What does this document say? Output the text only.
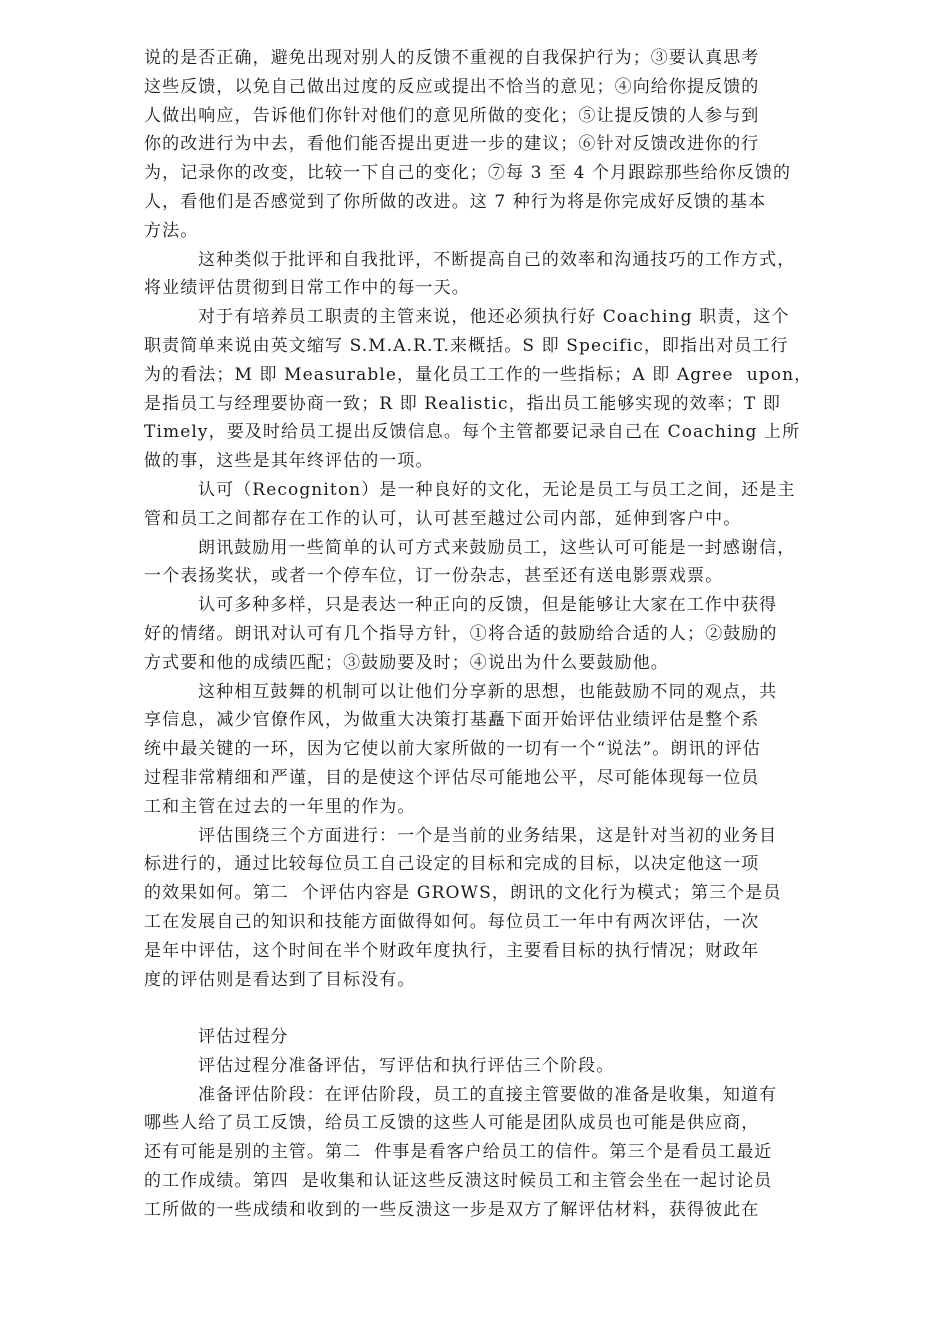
说的是否正确，避免出现对别人的反馈不重视的自我保护行为；③要认真思考
这些反馈，以免自己做出过度的反应或提出不恰当的意见；④向给你提反馈的
人做出响应，告诉他们你针对他们的意见所做的变化；⑤让提反馈的人参与到
你的改进行为中去，看他们能否提出更进一步的建议；⑥针对反馈改进你的行
为，记录你的改变，比较一下自己的变化；⑦每 3 至 4 个月跟踪那些给你反馈的
人，看他们是否感觉到了你所做的改进。这 7 种行为将是你完成好反馈的基本
方法。
这种类似于批评和自我批评，不断提高自己的效率和沟通技巧的工作方式，
将业绩评估贯彻到日常工作中的每一天。
对于有培养员工职责的主管来说，他还必须执行好 Coaching 职责，这个
职责简单来说由英文缩写 S.M.A.R.T.来概括。S 即 Specific，即指出对员工行
为的看法；M 即 Measurable，量化员工工作的一些指标；A 即 Agree  upon，
是指员工与经理要协商一致；R 即 Realistic，指出员工能够实现的效率；T 即
Timely，要及时给员工提出反馈信息。每个主管都要记录自己在 Coaching 上所
做的事，这些是其年终评估的一项。
认可（Recogniton）是一种良好的文化，无论是员工与员工之间，还是主
管和员工之间都存在工作的认可，认可甚至越过公司内部，延伸到客户中。
朗讯鼓励用一些简单的认可方式来鼓励员工，这些认可可能是一封感谢信，
一个表扬奖状，或者一个停车位，订一份杂志，甚至还有送电影票戏票。
认可多种多样，只是表达一种正向的反馈，但是能够让大家在工作中获得
好的情绪。朗讯对认可有几个指导方针，①将合适的鼓励给合适的人；②鼓励的
方式要和他的成绩匹配；③鼓励要及时；④说出为什么要鼓励他。
这种相互鼓舞的机制可以让他们分享新的思想，也能鼓励不同的观点，共
享信息，减少官僚作风，为做重大决策打基矗下面开始评估业绩评估是整个系
统中最关键的一环，因为它使以前大家所做的一切有一个“说法”。朗讯的评估
过程非常精细和严谨，目的是使这个评估尽可能地公平，尽可能体现每一位员
工和主管在过去的一年里的作为。
评估围绕三个方面进行：一个是当前的业务结果，这是针对当初的业务目
标进行的，通过比较每位员工自己设定的目标和完成的目标，以决定他这一项
的效果如何。第二  个评估内容是 GROWS，朗讯的文化行为模式；第三个是员
工在发展自己的知识和技能方面做得如何。每位员工一年中有两次评估，一次
是年中评估，这个时间在半个财政年度执行，主要看目标的执行情况；财政年
度的评估则是看达到了目标没有。
评估过程分
评估过程分准备评估，写评估和执行评估三个阶段。
准备评估阶段：在评估阶段，员工的直接主管要做的准备是收集，知道有
哪些人给了员工反馈，给员工反馈的这些人可能是团队成员也可能是供应商，
还有可能是别的主管。第二  件事是看客户给员工的信件。第三个是看员工最近
的工作成绩。第四  是收集和认证这些反溃这时候员工和主管会坐在一起讨论员
工所做的一些成绩和收到的一些反溃这一步是双方了解评估材料，获得彼此在
